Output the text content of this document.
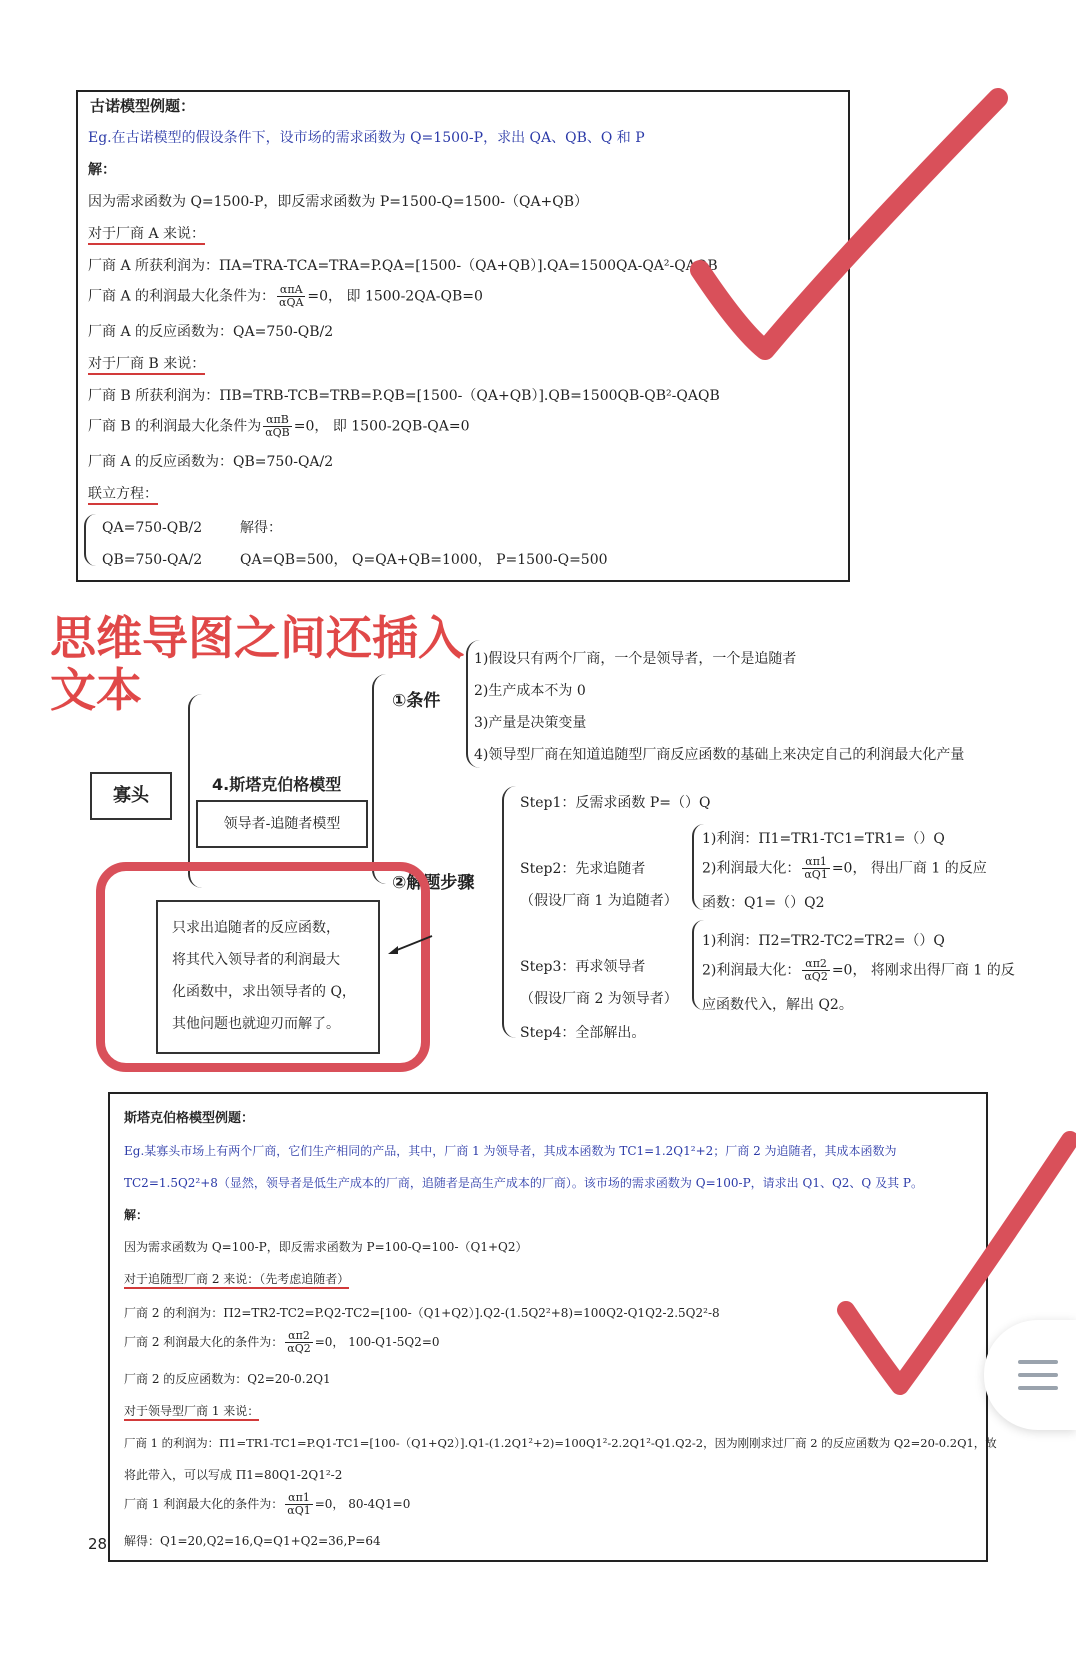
古诺模型例题：
Eg.在古诺模型的假设条件下，设市场的需求函数为 Q=1500-P，求出 QA、QB、Q 和 P
解：
因为需求函数为 Q=1500-P，即反需求函数为 P=1500-Q=1500-（QA+QB）
对于厂商 A 来说：
厂商 A 所获利润为：ΠA=TRA-TCA=TRA=P.QA=[1500-（QA+QB）].QA=1500QA-QA²-QAQB
厂商 A 的利润最大化条件为： $\frac{\text{απA}}{\text{αQA}} =0$， 即 1500-2QA-QB=0
厂商 A 的反应函数为：QA=750-QB/2
对于厂商 B 来说：
厂商 B 所获利润为：ΠB=TRB-TCB=TRB=P.QB=[1500-（QA+QB）].QB=1500QB-QB²-QAQB
厂商 B 的利润最大化条件为 $\frac{\text{απB}}{\text{αQB}} =0$， 即 1500-2QB-QA=0
厂商 A 的反应函数为：QB=750-QA/2
联立方程：
QA=750-QB/2
QB=750-QA/2
解得：
QA=QB=500， Q=QA+QB=1000， P=1500-Q=500
思维导图之间还插入
文本
寡头
4.斯塔克伯格模型
领导者-追随者模型
①条件
1)假设只有两个厂商，一个是领导者，一个是追随者
2)生产成本不为 0
3)产量是决策变量
4)领导型厂商在知道追随型厂商反应函数的基础上来决定自己的利润最大化产量
②解题步骤
Step1：反需求函数 P=（）Q
Step2：先求追随者
（假设厂商 1 为追随者）
1)利润：Π1=TR1-TC1=TR1=（）Q
2)利润最大化： $\frac{\alpha\pi 1}{\alpha Q1} =0$， 得出厂商 1 的反应
函数：Q1=（）Q2
Step3：再求领导者
（假设厂商 2 为领导者）
1)利润：Π2=TR2-TC2=TR2=（）Q
2)利润最大化： $\frac{\alpha\pi 2}{\alpha Q2} =0$， 将刚求出得厂商 1 的反
应函数代入，解出 Q2。
Step4：全部解出。
只求出追随者的反应函数，
将其代入领导者的利润最大
化函数中，求出领导者的 Q，
其他问题也就迎刃而解了。
斯塔克伯格模型例题：
Eg.某寡头市场上有两个厂商，它们生产相同的产品，其中，厂商 1 为领导者，其成本函数为 TC1=1.2Q1²+2；厂商 2 为追随者，其成本函数为
TC2=1.5Q2²+8（显然，领导者是低生产成本的厂商，追随者是高生产成本的厂商）。该市场的需求函数为 Q=100-P，请求出 Q1、Q2、Q 及其 P。
解：
因为需求函数为 Q=100-P，即反需求函数为 P=100-Q=100-（Q1+Q2）
对于追随型厂商 2 来说：（先考虑追随者）
厂商 2 的利润为：Π2=TR2-TC2=P.Q2-TC2=[100-（Q1+Q2）].Q2-(1.5Q2²+8)=100Q2-Q1Q2-2.5Q2²-8
厂商 2 利润最大化的条件为： $\frac{\alpha\pi 2}{\alpha Q2} =0$， 100-Q1-5Q2=0
厂商 2 的反应函数为：Q2=20-0.2Q1
对于领导型厂商 1 来说：
厂商 1 的利润为：Π1=TR1-TC1=P.Q1-TC1=[100-（Q1+Q2）].Q1-(1.2Q1²+2)=100Q1²-2.2Q1²-Q1.Q2-2，因为刚刚求过厂商 2 的反应函数为 Q2=20-0.2Q1，故
将此带入，可以写成 Π1=80Q1-2Q1²-2
厂商 1 利润最大化的条件为： $\frac{\alpha\pi 1}{\alpha Q1} =0$， 80-4Q1=0
解得：Q1=20,Q2=16,Q=Q1+Q2=36,P=64
28
